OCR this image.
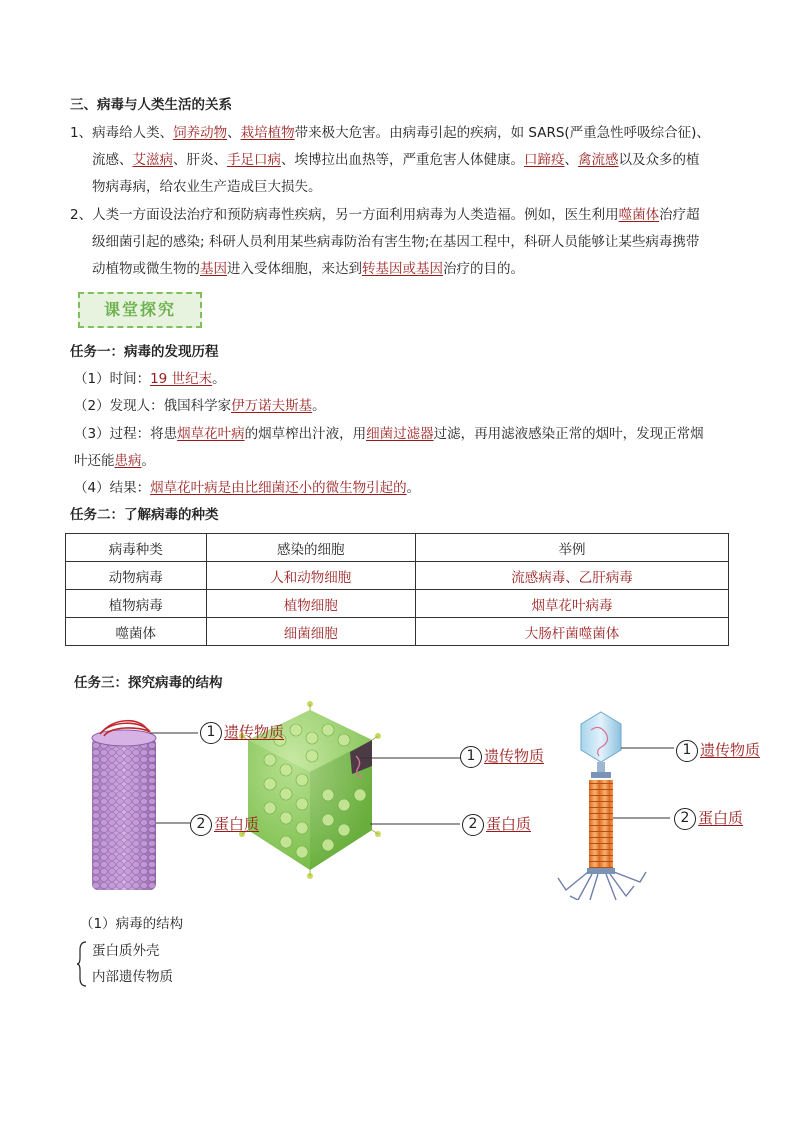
三、病毒与人类生活的关系
1、病毒给人类、饲养动物、栽培植物带来极大危害。由病毒引起的疾病，如 SARS(严重急性呼吸综合征)、
流感、艾滋病、肝炎、手足口病、埃博拉出血热等，严重危害人体健康。口蹄疫、禽流感以及众多的植
物病毒病，给农业生产造成巨大损失。
2、人类一方面设法治疗和预防病毒性疾病，另一方面利用病毒为人类造福。例如，医生利用噬菌体治疗超
级细菌引起的感染; 科研人员利用某些病毒防治有害生物;在基因工程中，科研人员能够让某些病毒携带
动植物或微生物的基因进入受体细胞，来达到转基因或基因治疗的目的。
课堂探究
任务一：病毒的发现历程
（1）时间：19 世纪末。
（2）发现人：俄国科学家伊万诺夫斯基。
（3）过程：将患烟草花叶病的烟草榨出汁液，用细菌过滤器过滤，再用滤液感染正常的烟叶，发现正常烟
叶还能患病。
（4）结果：烟草花叶病是由比细菌还小的微生物引起的。
任务二：了解病毒的种类
病毒种类	感染的细胞	举例
动物病毒	人和动物细胞	流感病毒、乙肝病毒
植物病毒	植物细胞	烟草花叶病毒
噬菌体	细菌细胞	大肠杆菌噬菌体
任务三：探究病毒的结构
1 遗传物质
2 蛋白质
1 遗传物质
2 蛋白质
1 遗传物质
2 蛋白质
（1）病毒的结构
蛋白质外壳
内部遗传物质
